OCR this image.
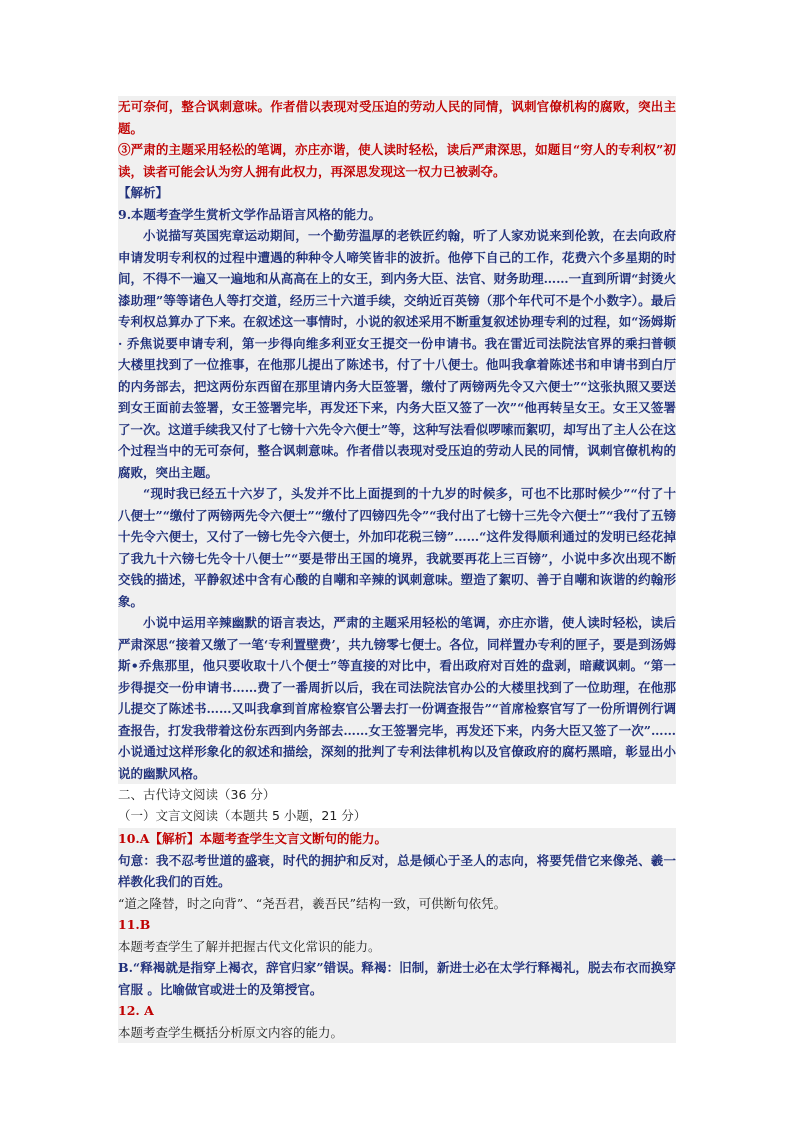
无可奈何，整合讽刺意味。作者借以表现对受压迫的劳动人民的同情，讽刺官僚机构的腐败，突出主题。

③严肃的主题采用轻松的笔调，亦庄亦谐，使人读时轻松，读后严肃深思，如题目“穷人的专利权”初读，读者可能会认为穷人拥有此权力，再深思发现这一权力已被剥夺。

【解析】

9.本题考查学生赏析文学作品语言风格的能力。

小说描写英国宪章运动期间，一个勤劳温厚的老铁匠约翰，听了人家劝说来到伦敦，在去向政府申请发明专利权的过程中遭遇的种种令人啼笑皆非的波折。他停下自己的工作，花费六个多星期的时间，不得不一遍又一遍地和从高高在上的女王，到内务大臣、法官、财务助理……一直到所谓“封烫火漆助理”等等诸色人等打交道，经历三十六道手续，交纳近百英镑（那个年代可不是个小数字）。最后专利权总算办了下来。在叙述这一事情时，小说的叙述采用不断重复叙述协理专利的过程，如“汤姆斯 · 乔焦说要申请专利，第一步得向维多利亚女王提交一份申请书。我在雷近司法院法官界的乘扫普顿大楼里找到了一位推事，在他那儿提出了陈述书，付了十八便士。他叫我拿着陈述书和申请书到白厅的内务部去，把这两份东西留在那里请内务大臣签署，缴付了两镑两先令又六便士”“这张执照又要送到女王面前去签署，女王签署完毕，再发还下来，内务大臣又签了一次”“他再转呈女王。女王又签署了一次。这道手续我又付了七镑十六先令六便士”等，这种写法看似啰嗦而絮叨，却写出了主人公在这个过程当中的无可奈何，整合讽刺意味。作者借以表现对受压迫的劳动人民的同情，讽刺官僚机构的腐败，突出主题。

“现时我已经五十六岁了，头发并不比上面提到的十九岁的时候多，可也不比那时候少”“付了十八便士”“缴付了两镑两先令六便士”“缴付了四镑四先令”“我付出了七镑十三先令六便士”“我付了五镑十先令六便士，又付了一镑七先令六便士，外加印花税三镑”……“这件发得顺利通过的发明已经花掉了我九十六镑七先令十八便士”“要是带出王国的境界，我就要再花上三百镑”，小说中多次出现不断交钱的描述，平静叙述中含有心酸的自嘲和辛辣的讽刺意味。塑造了絮叨、善于自嘲和诙谐的约翰形象。

小说中运用辛辣幽默的语言表达，严肃的主题采用轻松的笔调，亦庄亦谐，使人读时轻松，读后严肃深思“接着又缴了一笔‘专利置壁费’，共九镑零七便士。各位，同样置办专利的匣子，要是到汤姆斯•乔焦那里，他只要收取十八个便士”等直接的对比中，看出政府对百姓的盘剥，暗藏讽刺。“第一步得提交一份申请书……费了一番周折以后，我在司法院法官办公的大楼里找到了一位助理，在他那儿提交了陈述书……又叫我拿到首席检察官公署去打一份调查报告”“首席检察官写了一份所谓例行调查报告，打发我带着这份东西到内务部去……女王签署完毕，再发还下来，内务大臣又签了一次”……小说通过这样形象化的叙述和描绘，深刻的批判了专利法律机构以及官僚政府的腐朽黑暗，彰显出小说的幽默风格。

二、古代诗文阅读（36 分）

（一）文言文阅读（本题共 5 小题，21 分）

10.A【解析】本题考查学生文言文断句的能力。

句意：我不忍考世道的盛衰，时代的拥护和反对，总是倾心于圣人的志向，将要凭借它来像尧、羲一样教化我们的百姓。

“道之隆替，时之向背”、“尧吾君，羲吾民”结构一致，可供断句依凭。

11.B

本题考查学生了解并把握古代文化常识的能力。

B.“释褐就是指穿上褐衣，辞官归家”错误。释褐：旧制，新进士必在太学行释褐礼，脱去布衣而换穿官服 。比喻做官或进士的及第授官。

12. A

本题考查学生概括分析原文内容的能力。
